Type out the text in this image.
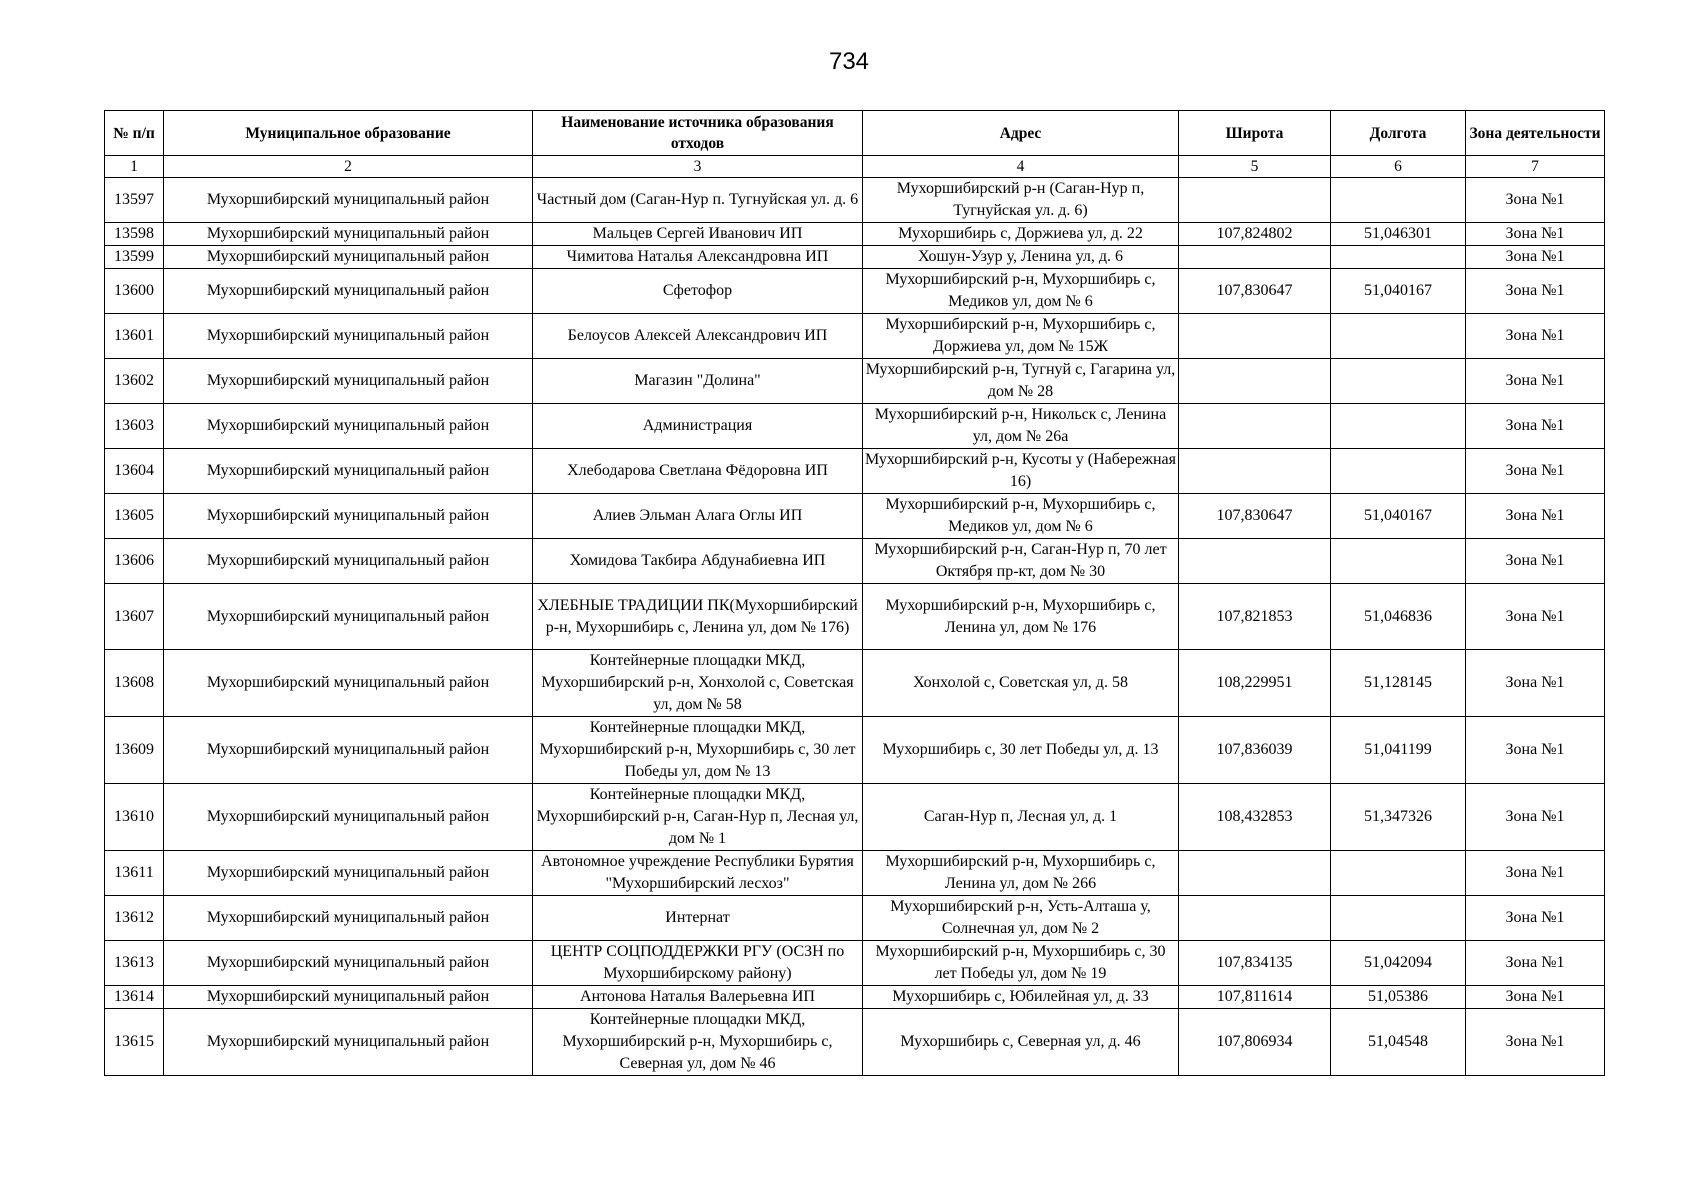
734
№ п/п	Муниципальное образование	Наименование источника образования отходов	Адрес	Широта	Долгота	Зона деятельности
1	2	3	4	5	6	7
13597	Мухоршибирский муниципальный район	Частный дом (Саган-Нур п. Тугнуйская ул. д. 6	Мухоршибирский р-н (Саган-Нур п, Тугнуйская ул. д. 6)			Зона №1
13598	Мухоршибирский муниципальный район	Мальцев Сергей Иванович ИП	Мухоршибирь с, Доржиева ул, д. 22	107,824802	51,046301	Зона №1
13599	Мухоршибирский муниципальный район	Чимитова Наталья Александровна ИП	Хошун-Узур у, Ленина ул, д. 6			Зона №1
13600	Мухоршибирский муниципальный район	Сфетофор	Мухоршибирский р-н, Мухоршибирь с, Медиков ул, дом № 6	107,830647	51,040167	Зона №1
13601	Мухоршибирский муниципальный район	Белоусов Алексей Александрович ИП	Мухоршибирский р-н, Мухоршибирь с, Доржиева ул, дом № 15Ж			Зона №1
13602	Мухоршибирский муниципальный район	Магазин "Долина"	Мухоршибирский р-н, Тугнуй с, Гагарина ул, дом № 28			Зона №1
13603	Мухоршибирский муниципальный район	Администрация	Мухоршибирский р-н, Никольск с, Ленина ул, дом № 26а			Зона №1
13604	Мухоршибирский муниципальный район	Хлебодарова Светлана Фёдоровна ИП	Мухоршибирский р-н, Кусоты у (Набережная 16)			Зона №1
13605	Мухоршибирский муниципальный район	Алиев Эльман Алага Оглы ИП	Мухоршибирский р-н, Мухоршибирь с, Медиков ул, дом № 6	107,830647	51,040167	Зона №1
13606	Мухоршибирский муниципальный район	Хомидова Такбира Абдунабиевна ИП	Мухоршибирский р-н, Саган-Нур п, 70 лет Октября пр-кт, дом № 30			Зона №1
13607	Мухоршибирский муниципальный район	ХЛЕБНЫЕ ТРАДИЦИИ ПК(Мухоршибирский р-н, Мухоршибирь с, Ленина ул, дом № 176)	Мухоршибирский р-н, Мухоршибирь с, Ленина ул, дом № 176	107,821853	51,046836	Зона №1
13608	Мухоршибирский муниципальный район	Контейнерные площадки МКД, Мухоршибирский р-н, Хонхолой с, Советская ул, дом № 58	Хонхолой с, Советская ул, д. 58	108,229951	51,128145	Зона №1
13609	Мухоршибирский муниципальный район	Контейнерные площадки МКД, Мухоршибирский р-н, Мухоршибирь с, 30 лет Победы ул, дом № 13	Мухоршибирь с, 30 лет Победы ул, д. 13	107,836039	51,041199	Зона №1
13610	Мухоршибирский муниципальный район	Контейнерные площадки МКД, Мухоршибирский р-н, Саган-Нур п, Лесная ул, дом № 1	Саган-Нур п, Лесная ул, д. 1	108,432853	51,347326	Зона №1
13611	Мухоршибирский муниципальный район	Автономное учреждение Республики Бурятия "Мухоршибирский лесхоз"	Мухоршибирский р-н, Мухоршибирь с, Ленина ул, дом № 266			Зона №1
13612	Мухоршибирский муниципальный район	Интернат	Мухоршибирский р-н, Усть-Алташа у, Солнечная ул, дом № 2			Зона №1
13613	Мухоршибирский муниципальный район	ЦЕНТР СОЦПОДДЕРЖКИ РГУ (ОСЗН по Мухоршибирскому району)	Мухоршибирский р-н, Мухоршибирь с, 30 лет Победы ул, дом № 19	107,834135	51,042094	Зона №1
13614	Мухоршибирский муниципальный район	Антонова Наталья Валерьевна ИП	Мухоршибирь с, Юбилейная ул, д. 33	107,811614	51,05386	Зона №1
13615	Мухоршибирский муниципальный район	Контейнерные площадки МКД, Мухоршибирский р-н, Мухоршибирь с, Северная ул, дом № 46	Мухоршибирь с, Северная ул, д. 46	107,806934	51,04548	Зона №1
